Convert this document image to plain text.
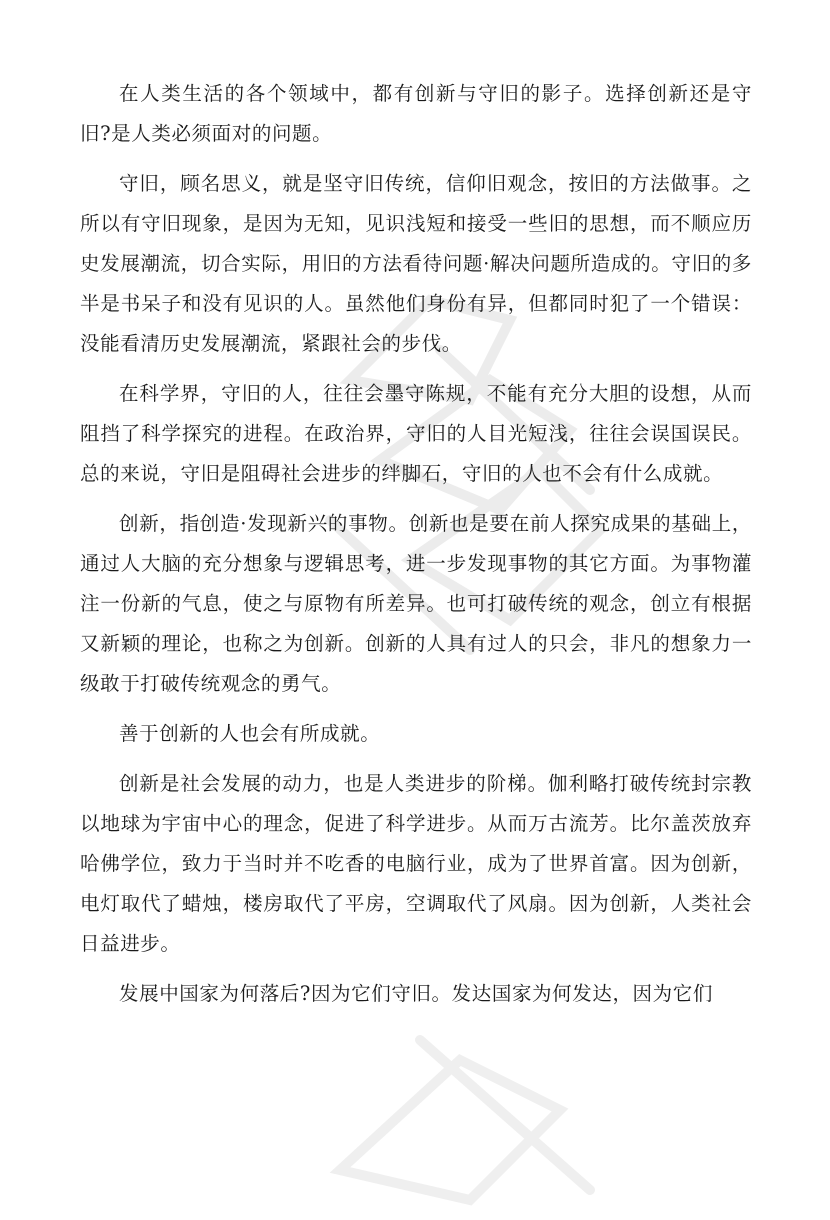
在人类生活的各个领域中，都有创新与守旧的影子。选择创新还是守旧?是人类必须面对的问题。

守旧，顾名思义，就是坚守旧传统，信仰旧观念，按旧的方法做事。之所以有守旧现象，是因为无知，见识浅短和接受一些旧的思想，而不顺应历史发展潮流，切合实际，用旧的方法看待问题·解决问题所造成的。守旧的多半是书呆子和没有见识的人。虽然他们身份有异，但都同时犯了一个错误：没能看清历史发展潮流，紧跟社会的步伐。

在科学界，守旧的人，往往会墨守陈规，不能有充分大胆的设想，从而阻挡了科学探究的进程。在政治界，守旧的人目光短浅，往往会误国误民。总的来说，守旧是阻碍社会进步的绊脚石，守旧的人也不会有什么成就。

创新，指创造·发现新兴的事物。创新也是要在前人探究成果的基础上，通过人大脑的充分想象与逻辑思考，进一步发现事物的其它方面。为事物灌注一份新的气息，使之与原物有所差异。也可打破传统的观念，创立有根据又新颖的理论，也称之为创新。创新的人具有过人的只会，非凡的想象力一级敢于打破传统观念的勇气。

善于创新的人也会有所成就。

创新是社会发展的动力，也是人类进步的阶梯。伽利略打破传统封宗教以地球为宇宙中心的理念，促进了科学进步。从而万古流芳。比尔盖茨放弃哈佛学位，致力于当时并不吃香的电脑行业，成为了世界首富。因为创新，电灯取代了蜡烛，楼房取代了平房，空调取代了风扇。因为创新，人类社会日益进步。

发展中国家为何落后?因为它们守旧。发达国家为何发达，因为它们
